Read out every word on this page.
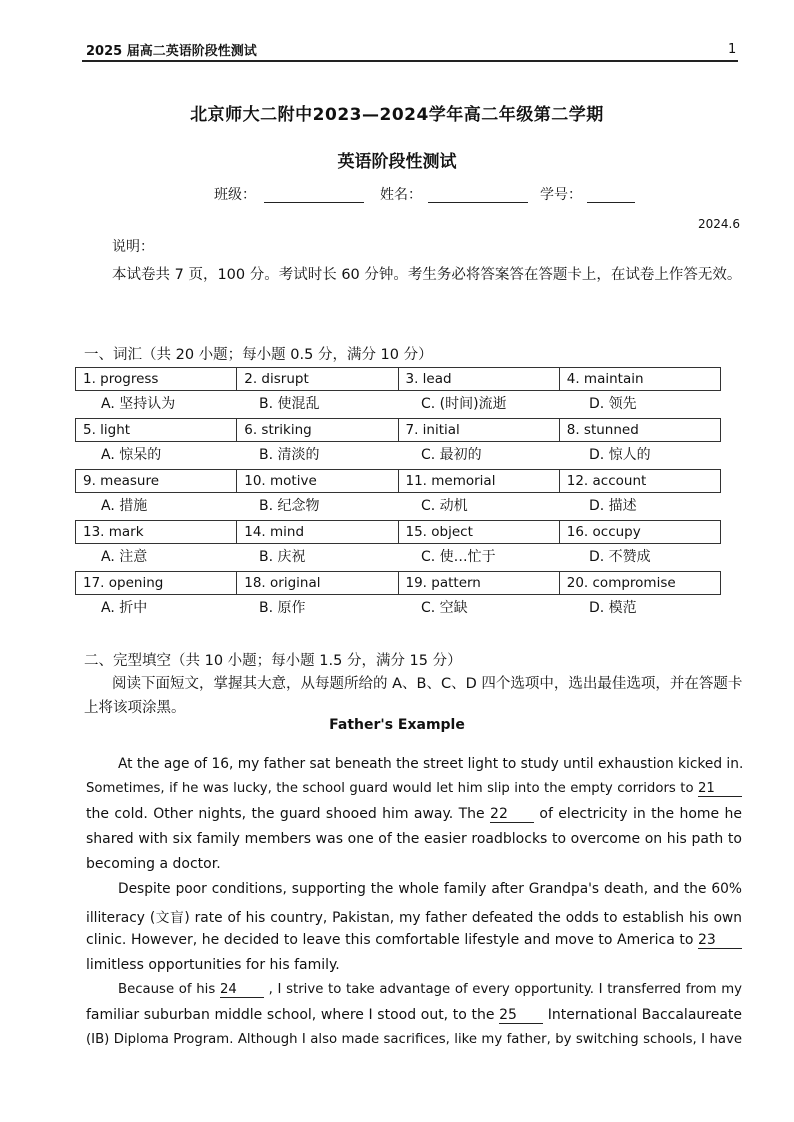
2025 届高二英语阶段性测试	1
北京师大二附中2023—2024学年高二年级第二学期
英语阶段性测试
班级：	姓名：	学号：
2024.6
说明：
本试卷共 7 页，100 分。考试时长 60 分钟。考生务必将答案答在答题卡上，在试卷上作答无效。
一、词汇（共 20 小题；每小题 0.5 分，满分 10 分）
1. progress	2. disrupt	3. lead	4. maintain
A. 坚持认为	B. 使混乱	C. (时间)流逝	D. 领先
5. light	6. striking	7. initial	8. stunned
A. 惊呆的	B. 清淡的	C. 最初的	D. 惊人的
9. measure	10. motive	11. memorial	12. account
A. 措施	B. 纪念物	C. 动机	D. 描述
13. mark	14. mind	15. object	16. occupy
A. 注意	B. 庆祝	C. 使…忙于	D. 不赞成
17. opening	18. original	19. pattern	20. compromise
A. 折中	B. 原作	C. 空缺	D. 模范
二、完型填空（共 10 小题；每小题 1.5 分，满分 15 分）
阅读下面短文，掌握其大意，从每题所给的 A、B、C、D 四个选项中，选出最佳选项，并在答题卡上将该项涂黑。
Father's Example
At the age of 16, my father sat beneath the street light to study until exhaustion kicked in.
Sometimes, if he was lucky, the school guard would let him slip into the empty corridors to 21
the cold. Other nights, the guard shooed him away. The 22 of electricity in the home he
shared with six family members was one of the easier roadblocks to overcome on his path to
becoming a doctor.
Despite poor conditions, supporting the whole family after Grandpa's death, and the 60%
illiteracy (文盲) rate of his country, Pakistan, my father defeated the odds to establish his own
clinic. However, he decided to leave this comfortable lifestyle and move to America to 23
limitless opportunities for his family.
Because of his 24 , I strive to take advantage of every opportunity. I transferred from my
familiar suburban middle school, where I stood out, to the 25 International Baccalaureate
(IB) Diploma Program. Although I also made sacrifices, like my father, by switching schools, I have
